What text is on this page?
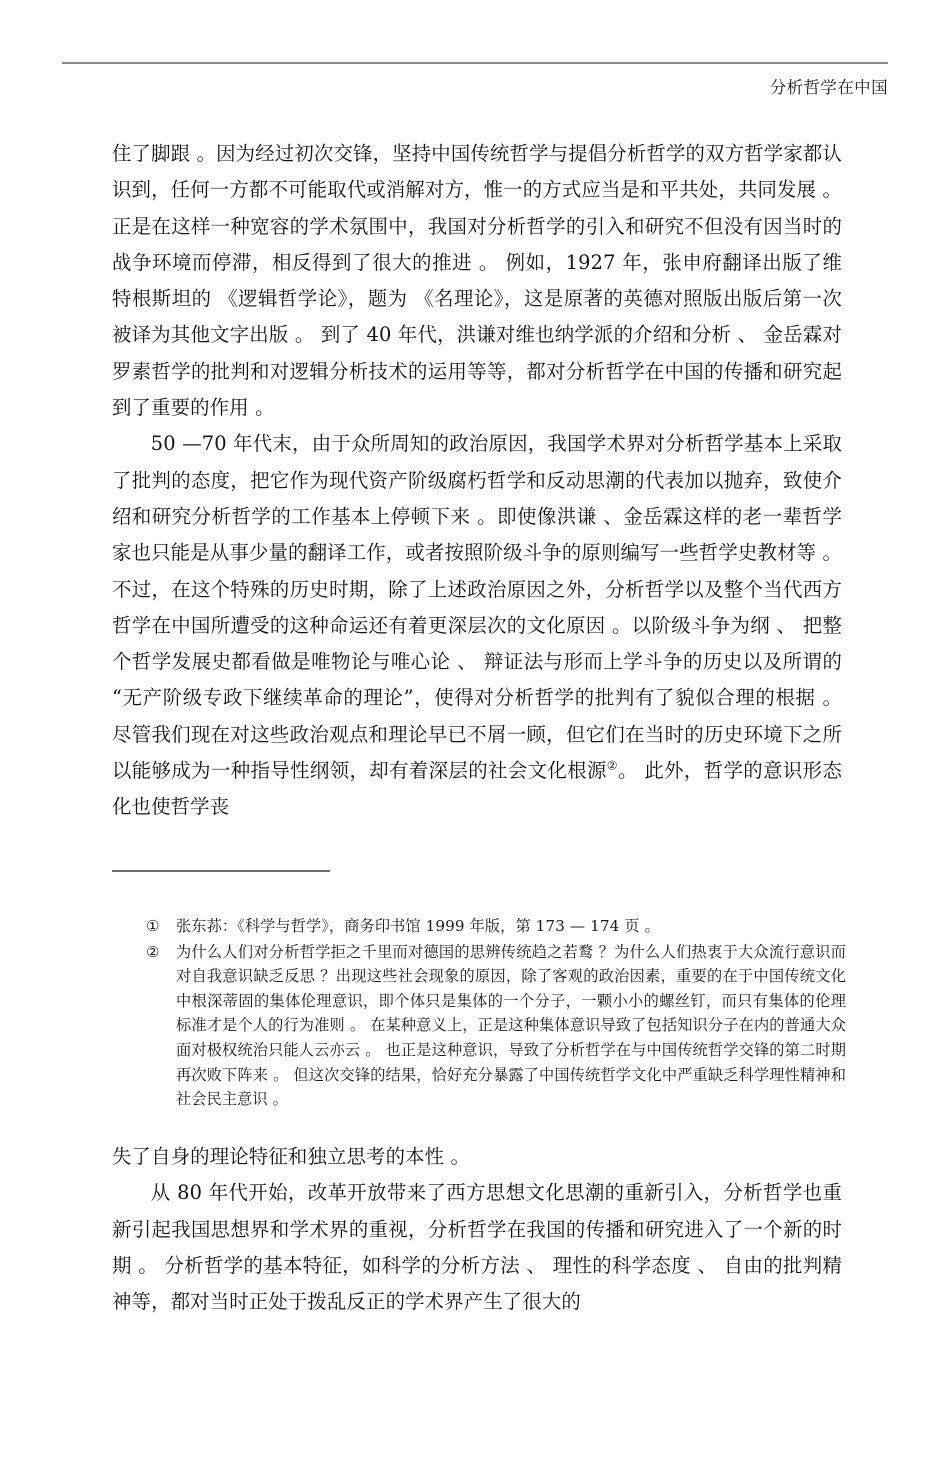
分析哲学在中国

住了脚跟 。因为经过初次交锋，坚持中国传统哲学与提倡分析哲学的双方哲学家都认识到，任何一方都不可能取代或消解对方，惟一的方式应当是和平共处，共同发展 。 正是在这样一种宽容的学术氛围中，我国对分析哲学的引入和研究不但没有因当时的战争环境而停滞，相反得到了很大的推进 。 例如，1927 年，张申府翻译出版了维特根斯坦的 《逻辑哲学论》，题为 《名理论》，这是原著的英德对照版出版后第一次被译为其他文字出版 。 到了 40 年代，洪谦对维也纳学派的介绍和分析 、 金岳霖对罗素哲学的批判和对逻辑分析技术的运用等等，都对分析哲学在中国的传播和研究起到了重要的作用 。

50 —70 年代末，由于众所周知的政治原因，我国学术界对分析哲学基本上采取了批判的态度，把它作为现代资产阶级腐朽哲学和反动思潮的代表加以抛弃，致使介绍和研究分析哲学的工作基本上停顿下来 。即使像洪谦 、金岳霖这样的老一辈哲学家也只能是从事少量的翻译工作，或者按照阶级斗争的原则编写一些哲学史教材等 。 不过，在这个特殊的历史时期，除了上述政治原因之外，分析哲学以及整个当代西方哲学在中国所遭受的这种命运还有着更深层次的文化原因 。以阶级斗争为纲 、 把整个哲学发展史都看做是唯物论与唯心论 、 辩证法与形而上学斗争的历史以及所谓的 “无产阶级专政下继续革命的理论”，使得对分析哲学的批判有了貌似合理的根据 。 尽管我们现在对这些政治观点和理论早已不屑一顾，但它们在当时的历史环境下之所以能够成为一种指导性纲领，却有着深层的社会文化根源②。 此外，哲学的意识形态化也使哲学丧

①	张东荪：《科学与哲学》，商务印书馆 1999 年版，第 173 — 174 页 。
②	为什么人们对分析哲学拒之千里而对德国的思辨传统趋之若鹜 ？为什么人们热衷于大众流行意识而对自我意识缺乏反思 ？出现这些社会现象的原因，除了客观的政治因素，重要的在于中国传统文化中根深蒂固的集体伦理意识，即个体只是集体的一个分子，一颗小小的螺丝钉，而只有集体的伦理标准才是个人的行为准则 。 在某种意义上，正是这种集体意识导致了包括知识分子在内的普通大众面对极权统治只能人云亦云 。 也正是这种意识，导致了分析哲学在与中国传统哲学交锋的第二时期再次败下阵来 。 但这次交锋的结果，恰好充分暴露了中国传统哲学文化中严重缺乏科学理性精神和社会民主意识 。

失了自身的理论特征和独立思考的本性 。

从 80 年代开始，改革开放带来了西方思想文化思潮的重新引入，分析哲学也重新引起我国思想界和学术界的重视，分析哲学在我国的传播和研究进入了一个新的时期 。 分析哲学的基本特征，如科学的分析方法 、 理性的科学态度 、 自由的批判精神等，都对当时正处于拨乱反正的学术界产生了很大的
